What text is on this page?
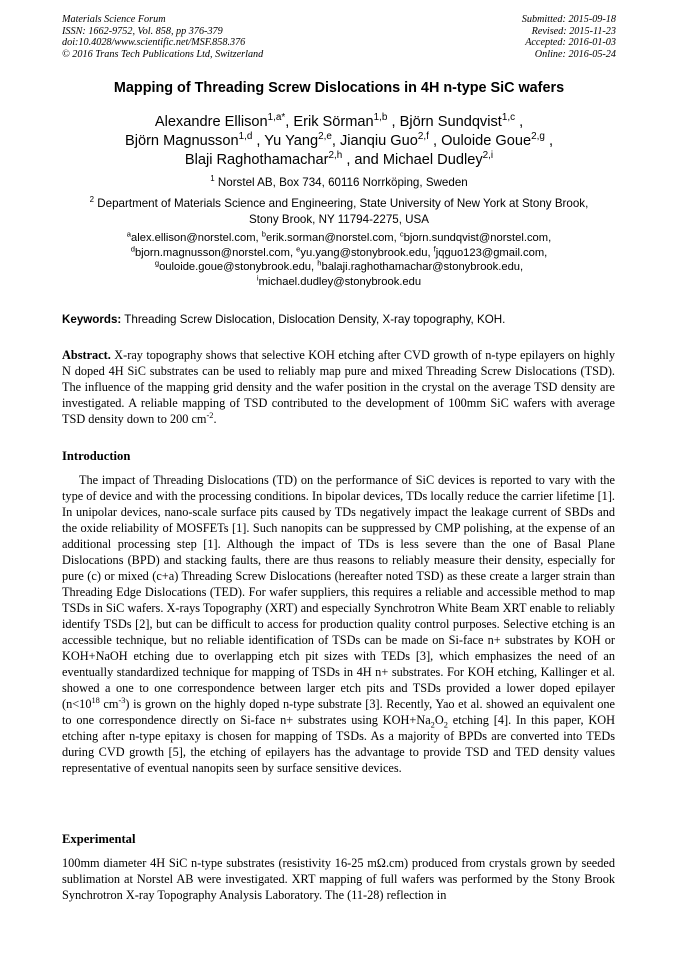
Materials Science Forum
ISSN: 1662-9752, Vol. 858, pp 376-379
doi:10.4028/www.scientific.net/MSF.858.376
© 2016 Trans Tech Publications Ltd, Switzerland
Submitted: 2015-09-18
Revised: 2015-11-23
Accepted: 2016-01-03
Online: 2016-05-24
Mapping of Threading Screw Dislocations in 4H n-type SiC wafers
Alexandre Ellison$^{1,a*}$, Erik Sörman$^{1,b}$ , Björn Sundqvist$^{1,c}$ ,
Björn Magnusson$^{1,d}$ , Yu Yang$^{2,e}$, Jianqiu Guo$^{2,f}$ , Ouloide Goue$^{2,g}$ ,
Blaji Raghothamachar$^{2,h}$ , and Michael Dudley$^{2,i}$
$^1$ Norstel AB, Box 734, 60116 Norrköping, Sweden
$^2$ Department of Materials Science and Engineering, State University of New York at Stony Brook,
Stony Brook, NY 11794-2275, USA
$^a$alex.ellison@norstel.com, $^b$erik.sorman@norstel.com, $^c$bjorn.sundqvist@norstel.com,
$^d$bjorn.magnusson@norstel.com, $^e$yu.yang@stonybrook.edu, $^f$jqguo123@gmail.com,
$^g$ouloide.goue@stonybrook.edu, $^h$balaji.raghothamachar@stonybrook.edu,
$^i$michael.dudley@stonybrook.edu
Keywords: Threading Screw Dislocation, Dislocation Density, X-ray topography, KOH.
Abstract. X-ray topography shows that selective KOH etching after CVD growth of n-type epilayers on highly N doped 4H SiC substrates can be used to reliably map pure and mixed Threading Screw Dislocations (TSD). The influence of the mapping grid density and the wafer position in the crystal on the average TSD density are investigated. A reliable mapping of TSD contributed to the development of 100mm SiC wafers with average TSD density down to 200 $cm^{-2}$.
Introduction
The impact of Threading Dislocations (TD) on the performance of SiC devices is reported to vary with the type of device and with the processing conditions. In bipolar devices, TDs locally reduce the carrier lifetime [1]. In unipolar devices, nano-scale surface pits caused by TDs negatively impact the leakage current of SBDs and the oxide reliability of MOSFETs [1]. Such nanopits can be suppressed by CMP polishing, at the expense of an additional processing step [1]. Although the impact of TDs is less severe than the one of Basal Plane Dislocations (BPD) and stacking faults, there are thus reasons to reliably measure their density, especially for pure (c) or mixed (c+a) Threading Screw Dislocations (hereafter noted TSD) as these create a larger strain than Threading Edge Dislocations (TED). For wafer suppliers, this requires a reliable and accessible method to map TSDs in SiC wafers. X-rays Topography (XRT) and especially Synchrotron White Beam XRT enable to reliably identify TSDs [2], but can be difficult to access for production quality control purposes. Selective etching is an accessible technique, but no reliable identification of TSDs can be made on Si-face n+ substrates by KOH or KOH+NaOH etching due to overlapping etch pit sizes with TEDs [3], which emphasizes the need of an eventually standardized technique for mapping of TSDs in 4H n+ substrates. For KOH etching, Kallinger et al. showed a one to one correspondence between larger etch pits and TSDs provided a lower doped epilayer ($n<10^{18}$ $cm^{-3}$) is grown on the highly doped n-type substrate [3]. Recently, Yao et al. showed an equivalent one to one correspondence directly on Si-face n+ substrates using $KOH+Na_2O_2$ etching [4]. In this paper, KOH etching after n-type epitaxy is chosen for mapping of TSDs. As a majority of BPDs are converted into TEDs during CVD growth [5], the etching of epilayers has the advantage to provide TSD and TED density values representative of eventual nanopits seen by surface sensitive devices.
Experimental
100mm diameter 4H SiC n-type substrates (resistivity 16-25 mΩ.cm) produced from crystals grown by seeded sublimation at Norstel AB were investigated. XRT mapping of full wafers was performed by the Stony Brook Synchrotron X-ray Topography Analysis Laboratory. The (11-28) reflection in
